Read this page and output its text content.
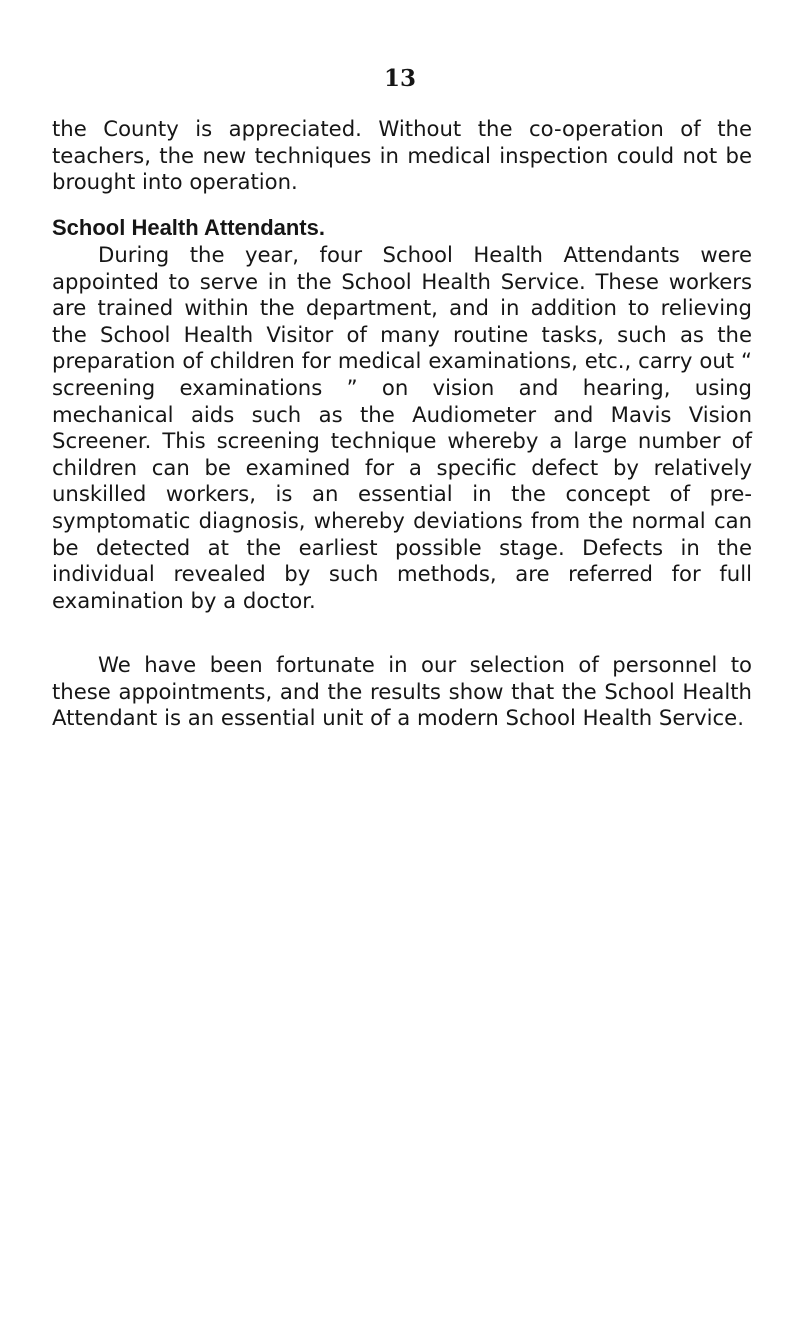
13

the County is appreciated. Without the co-operation of the teachers, the new techniques in medical inspection could not be brought into operation.

School Health Attendants.

During the year, four School Health Attendants were appointed to serve in the School Health Service. These workers are trained within the department, and in addition to relieving the School Health Visitor of many routine tasks, such as the preparation of children for medical examinations, etc., carry out “ screening examinations ” on vision and hearing, using mechanical aids such as the Audiometer and Mavis Vision Screener. This screening technique whereby a large number of children can be examined for a specific defect by relatively unskilled workers, is an essential in the concept of pre-symptomatic diagnosis, whereby deviations from the normal can be detected at the earliest possible stage. Defects in the individual revealed by such methods, are referred for full examination by a doctor.

We have been fortunate in our selection of personnel to these appointments, and the results show that the School Health Attendant is an essential unit of a modern School Health Service.
